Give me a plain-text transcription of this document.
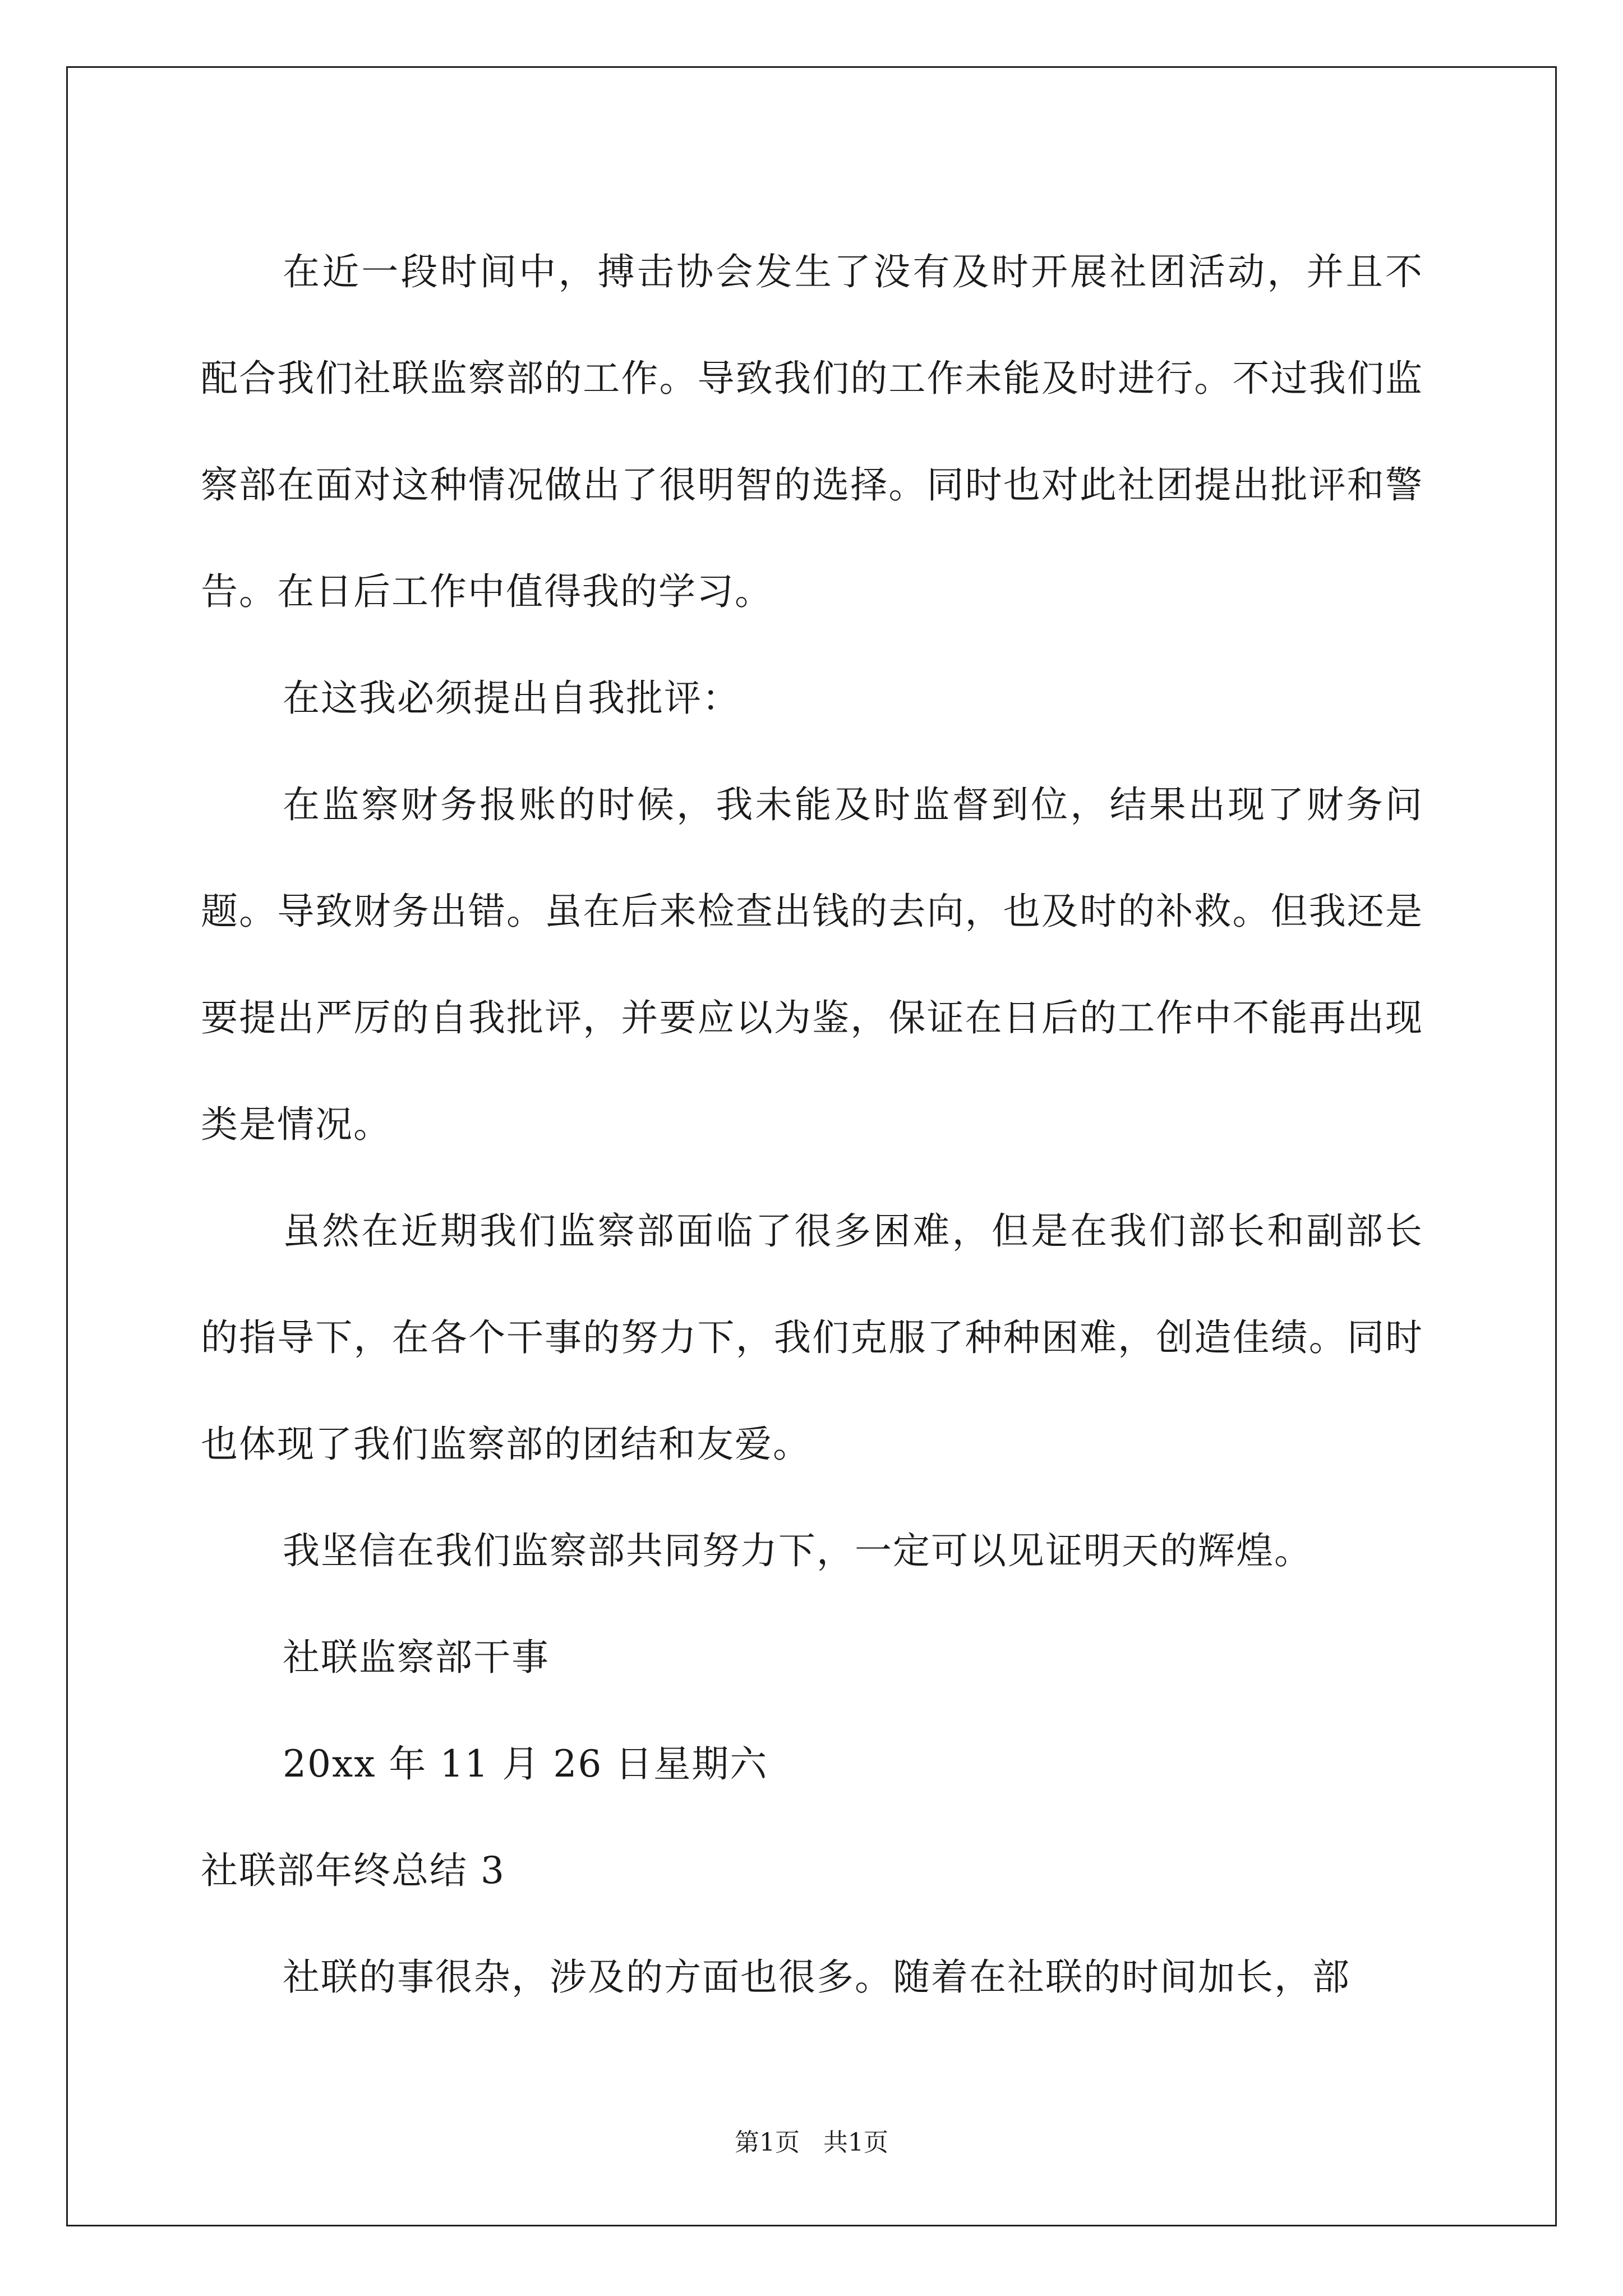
在近一段时间中，搏击协会发生了没有及时开展社团活动，并且不配合我们社联监察部的工作。导致我们的工作未能及时进行。不过我们监察部在面对这种情况做出了很明智的选择。同时也对此社团提出批评和警告。在日后工作中值得我的学习。

在这我必须提出自我批评：

在监察财务报账的时候，我未能及时监督到位，结果出现了财务问题。导致财务出错。虽在后来检查出钱的去向，也及时的补救。但我还是要提出严厉的自我批评，并要应以为鉴，保证在日后的工作中不能再出现类是情况。

虽然在近期我们监察部面临了很多困难，但是在我们部长和副部长的指导下，在各个干事的努力下，我们克服了种种困难，创造佳绩。同时也体现了我们监察部的团结和友爱。

我坚信在我们监察部共同努力下，一定可以见证明天的辉煌。

社联监察部干事

20xx 年 11 月 26 日星期六

社联部年终总结 3

社联的事很杂，涉及的方面也很多。随着在社联的时间加长，部

第1页   共1页
